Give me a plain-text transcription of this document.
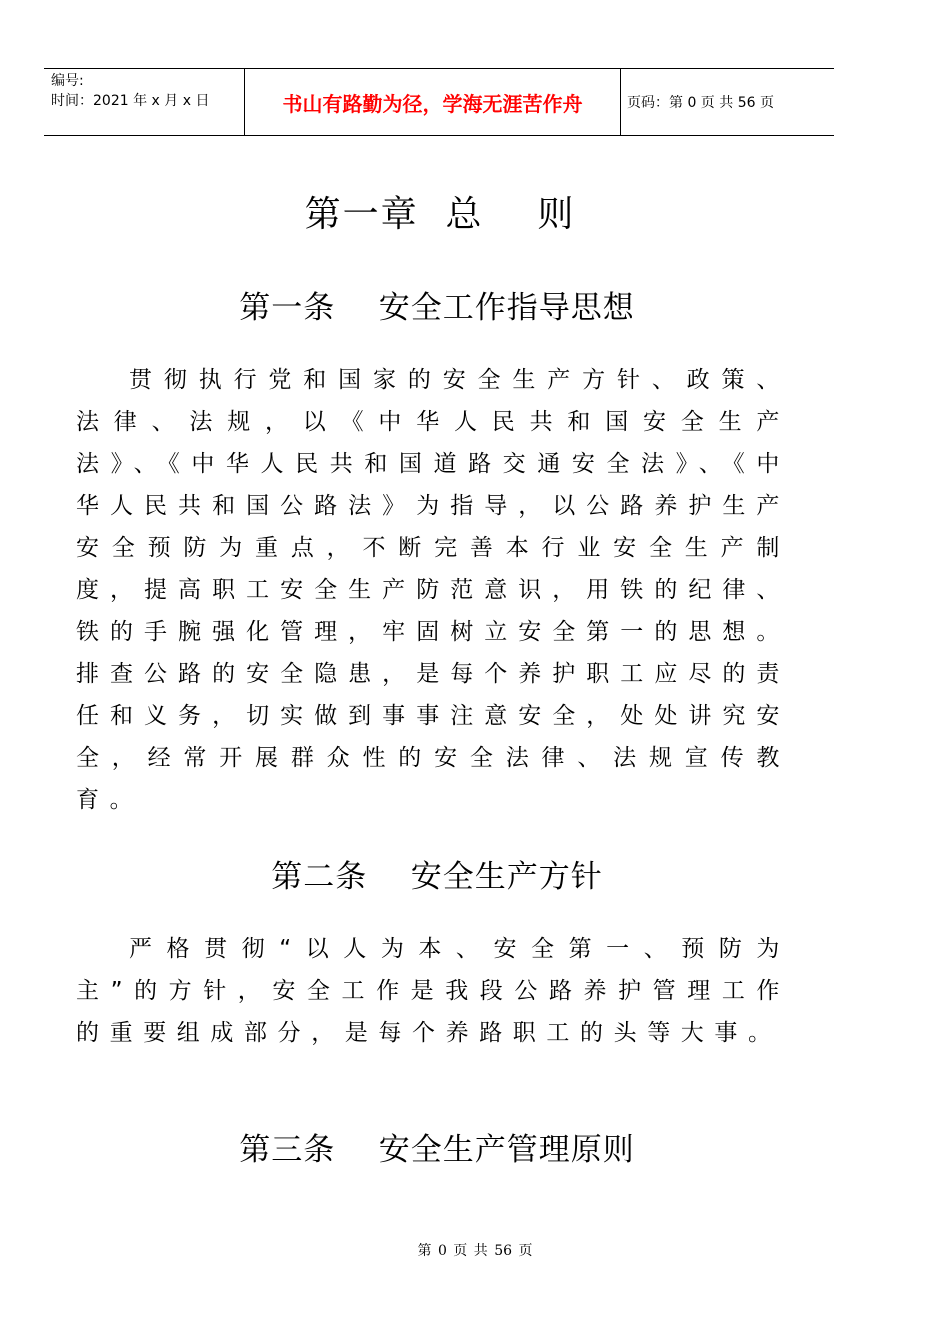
编号:
时间：2021 年 x 月 x 日	书山有路勤为径，学海无涯苦作舟	页码：第 0 页 共 56 页
第一章  总    则
第一条    安全工作指导思想

贯彻执行党和国家的安全生产方针、政策、法律、法规，以《中华人民共和国安全生产法》、《中华人民共和国道路交通安全法》、《中华人民共和国公路法》为指导，以公路养护生产安全预防为重点，不断完善本行业安全生产制度，提高职工安全生产防范意识，用铁的纪律、铁的手腕强化管理，牢固树立安全第一的思想。排查公路的安全隐患，是每个养护职工应尽的责任和义务，切实做到事事注意安全，处处讲究安全，经常开展群众性的安全法律、法规宣传教育。

第二条    安全生产方针

严格贯彻“以人为本、安全第一、预防为主”的方针，安全工作是我段公路养护管理工作的重要组成部分，是每个养路职工的头等大事。

第三条    安全生产管理原则
第 0 页 共 56 页
